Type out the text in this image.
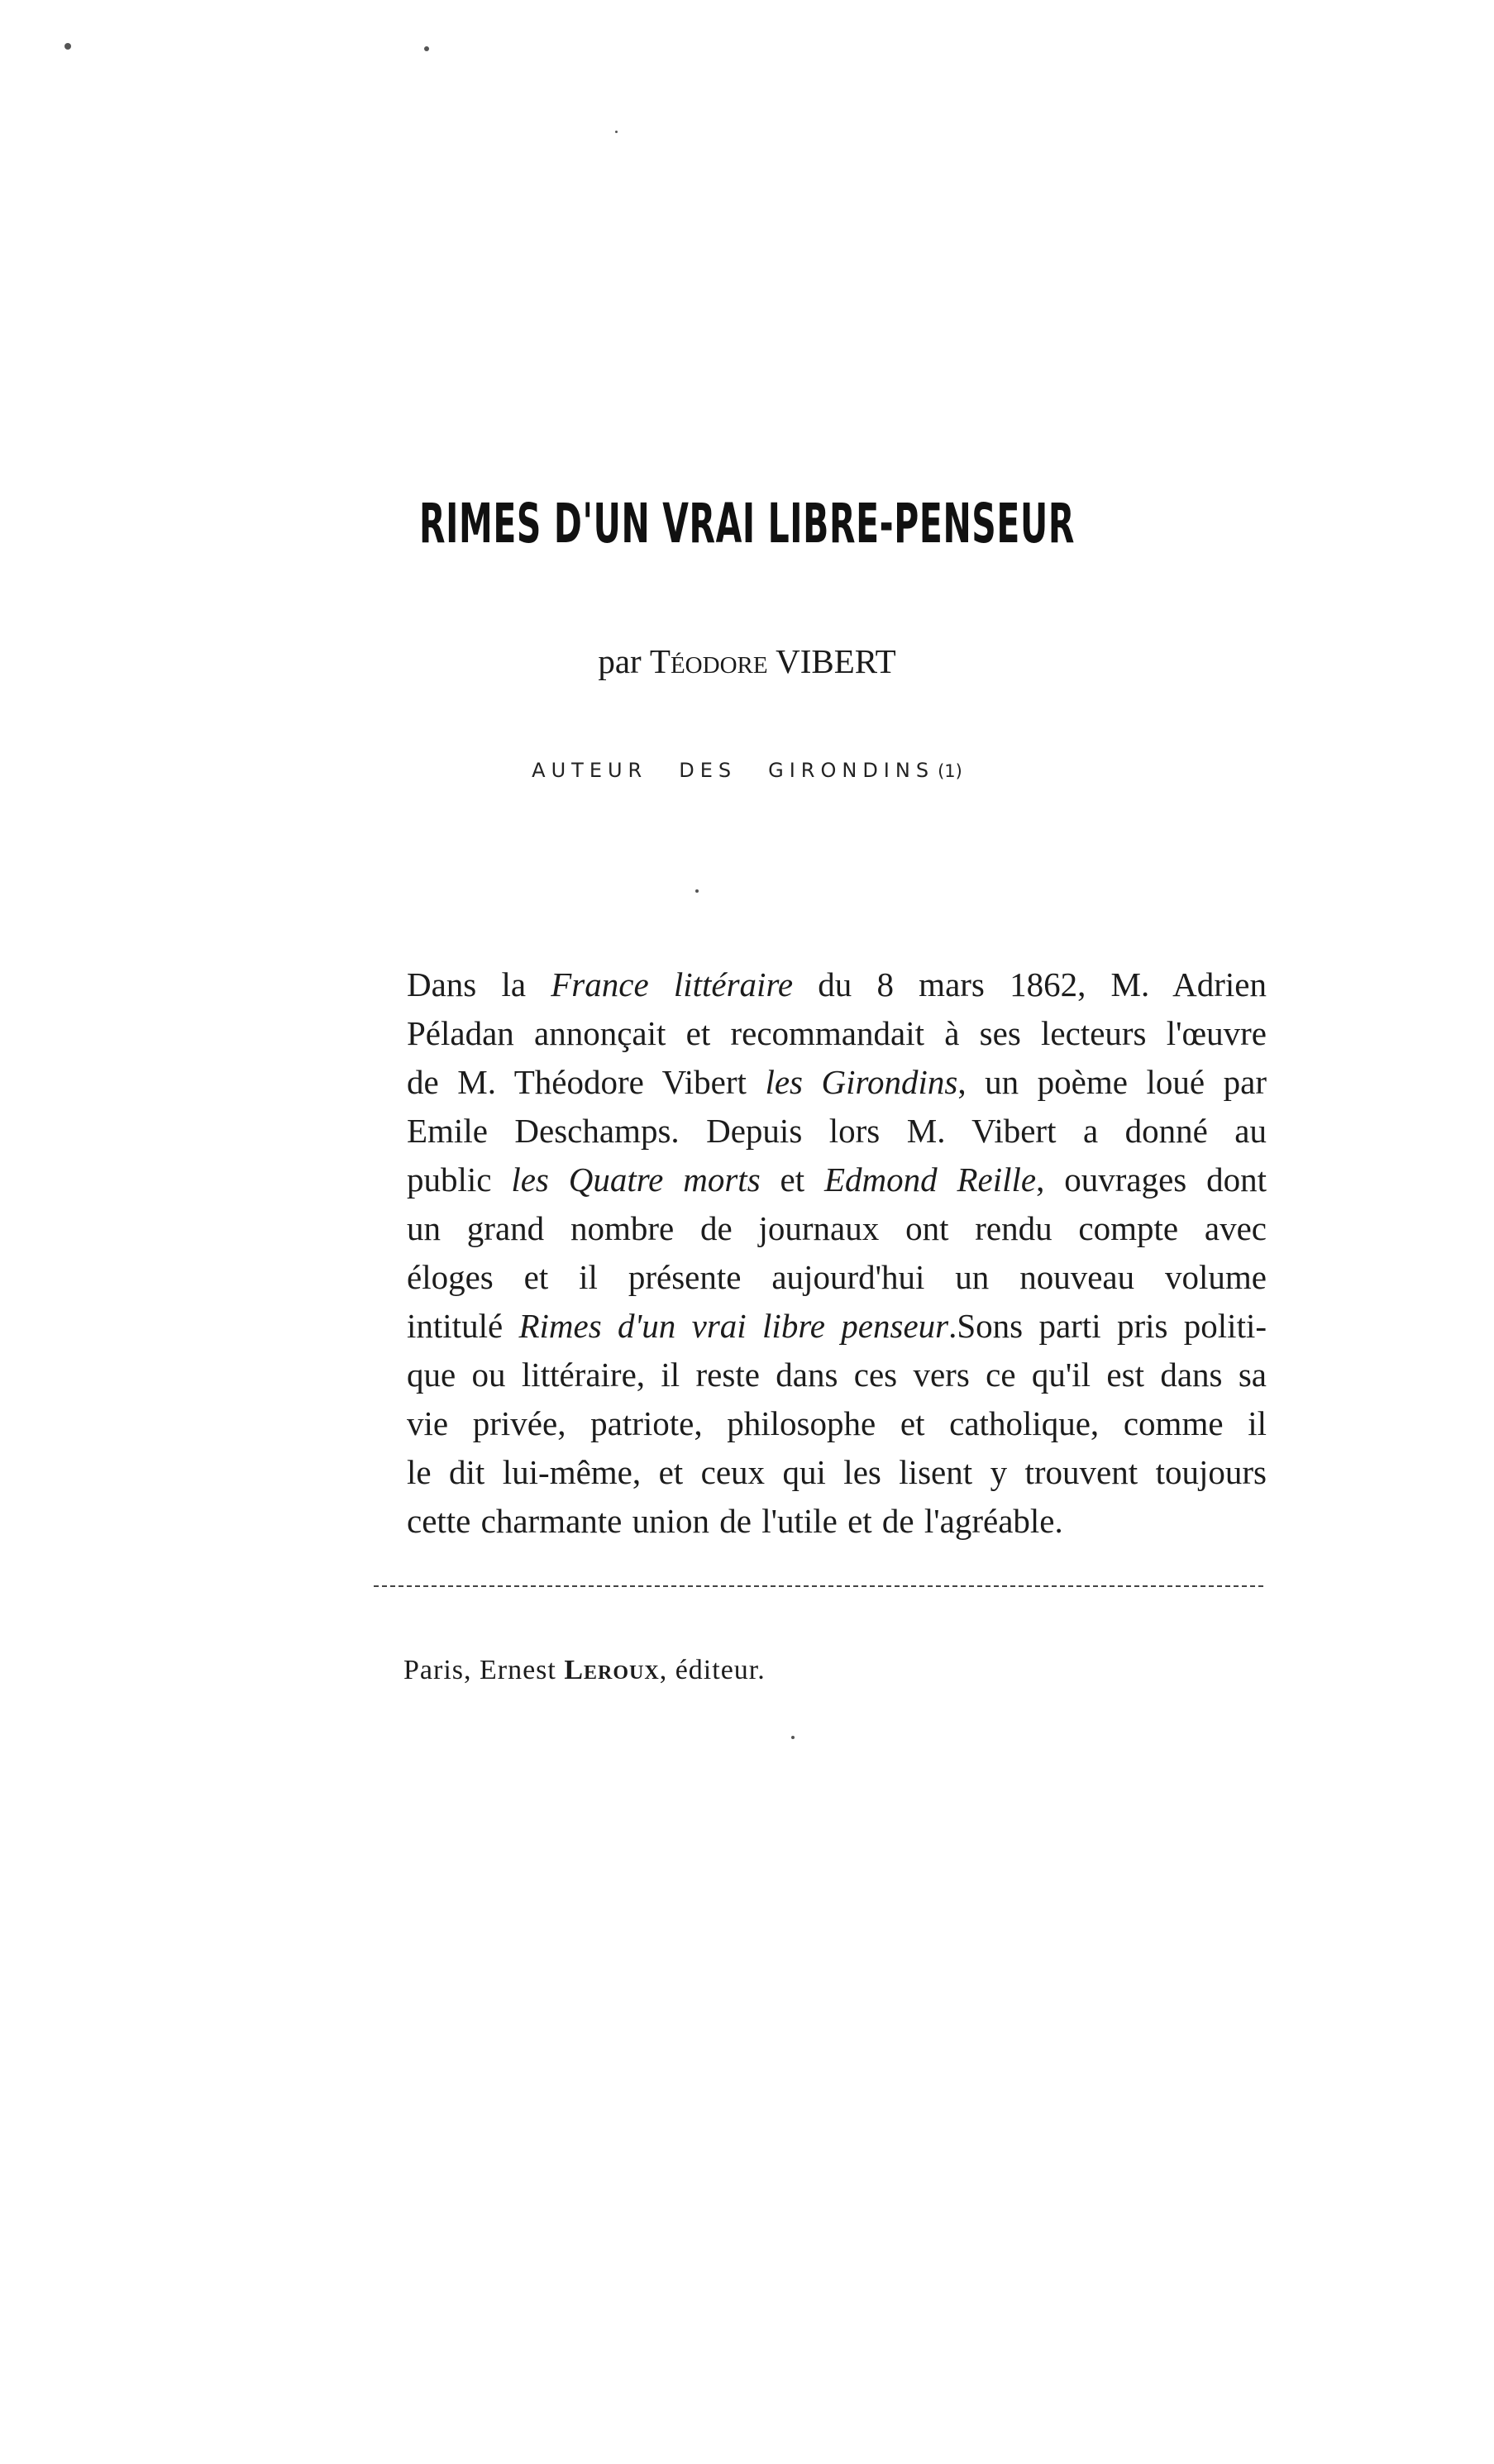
RIMES D'UN VRAI LIBRE-PENSEUR
par Téodore VIBERT
AUTEUR DES GIRONDINS (1)
Dans la France littéraire du 8 mars 1862, M. Adrien
Péladan annonçait et recommandait à ses lecteurs l'œuvre
de M. Théodore Vibert les Girondins, un poème loué par
Emile Deschamps. Depuis lors M. Vibert a donné au
public les Quatre morts et Edmond Reille, ouvrages dont
un grand nombre de journaux ont rendu compte avec
éloges et il présente aujourd'hui un nouveau volume
intitulé Rimes d'un vrai libre penseur.Sons parti pris politi-
que ou littéraire, il reste dans ces vers ce qu'il est dans sa
vie privée, patriote, philosophe et catholique, comme il
le dit lui-même, et ceux qui les lisent y trouvent toujours
cette charmante union de l'utile et de l'agréable.
Paris, Ernest Leroux, éditeur.
